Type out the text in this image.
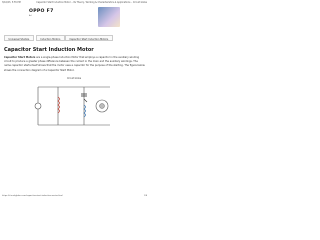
3/16/23, 5:55 PM	Capacitor Start Induction Motor – Its Theory, Working & Characteristics & Applications – Circuit Globe
OPPO F7
Ad
Universal Studios	Induction Motors	Capacitor Start Induction Motors
Capacitor Start Induction Motor
Capacitor Start Motors are a single-phase Induction Motor that employs a capacitor in the auxiliary winding circuit to produce a greater phase difference between the current in the main and the auxiliary windings. The name capacitor starts itself shows that the motor uses a capacitor for the purpose of the starting. The figure below shows the connection diagram of a Capacitor Start Motor.
Circuit Globe
https://circuitglobe.com/capacitor-start-induction-motor.html	1/8
